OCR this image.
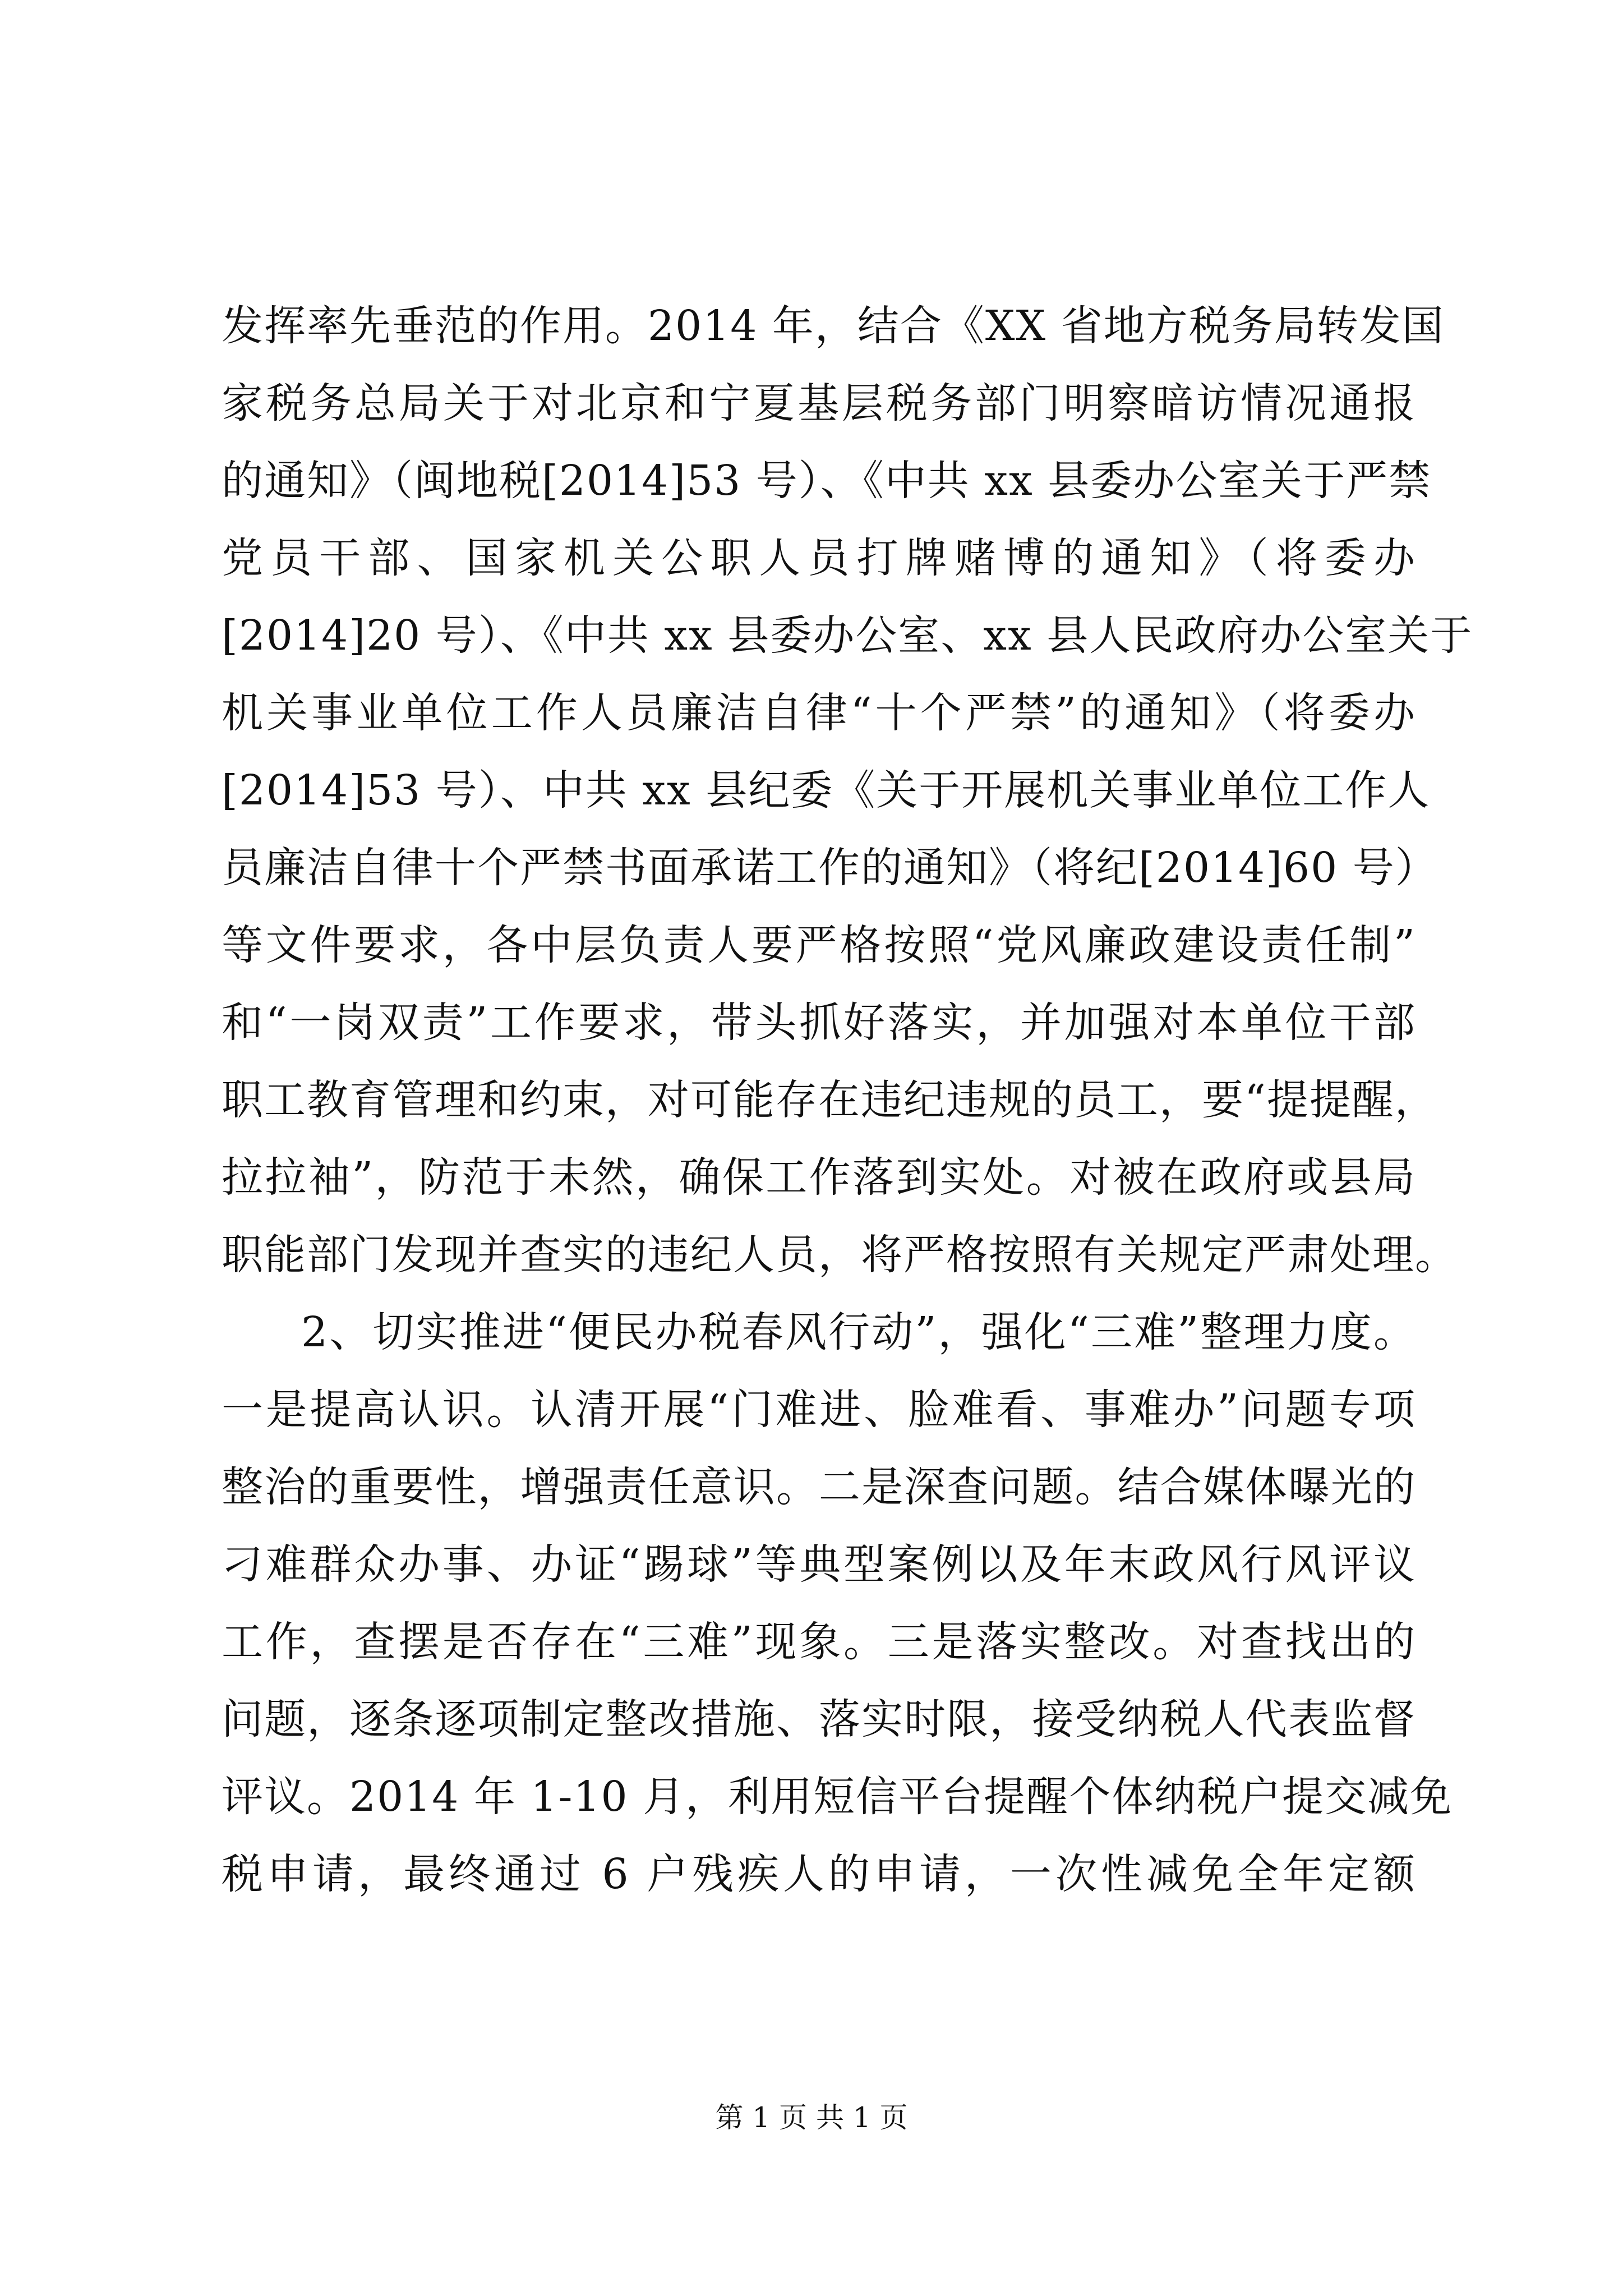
发挥率先垂范的作用。2014 年，结合《XX 省地方税务局转发国
家税务总局关于对北京和宁夏基层税务部门明察暗访情况通报
的通知》（闽地税[2014]53 号）、《中共 xx 县委办公室关于严禁
党员干部、国家机关公职人员打牌赌博的通知》（将委办
[2014]20 号）、《中共 xx 县委办公室、xx 县人民政府办公室关于
机关事业单位工作人员廉洁自律“十个严禁”的通知》（将委办
[2014]53 号）、中共 xx 县纪委《关于开展机关事业单位工作人
员廉洁自律十个严禁书面承诺工作的通知》（将纪[2014]60 号）
等文件要求，各中层负责人要严格按照“党风廉政建设责任制”
和“一岗双责”工作要求，带头抓好落实，并加强对本单位干部
职工教育管理和约束，对可能存在违纪违规的员工，要“提提醒，
拉拉袖”，防范于未然，确保工作落到实处。对被在政府或县局
职能部门发现并查实的违纪人员，将严格按照有关规定严肃处理。
2、切实推进“便民办税春风行动”，强化“三难”整理力度。
一是提高认识。认清开展“门难进、脸难看、事难办”问题专项
整治的重要性，增强责任意识。二是深查问题。结合媒体曝光的
刁难群众办事、办证“踢球”等典型案例以及年末政风行风评议
工作，查摆是否存在“三难”现象。三是落实整改。对查找出的
问题，逐条逐项制定整改措施、落实时限，接受纳税人代表监督
评议。2014 年 1-10 月，利用短信平台提醒个体纳税户提交减免
税申请，最终通过 6 户残疾人的申请，一次性减免全年定额
第 1 页 共 1 页
